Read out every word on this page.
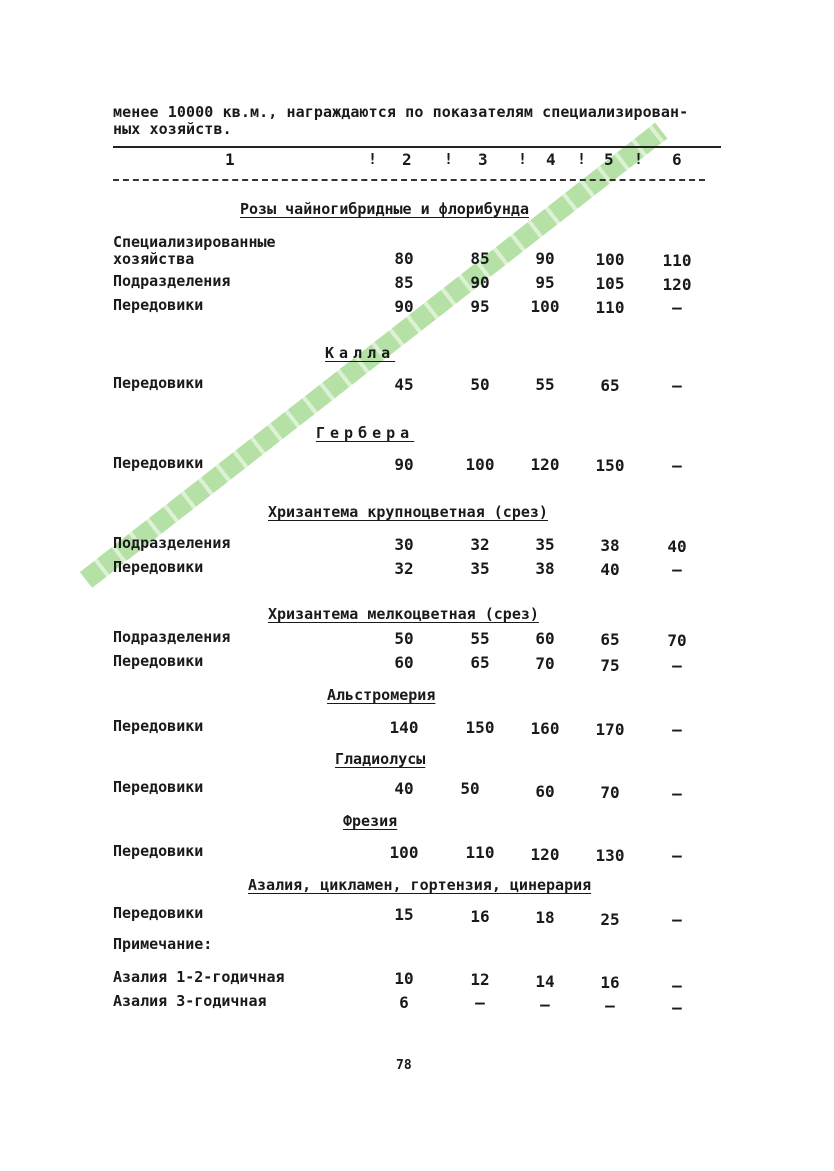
менее 10000 кв.м., награждаются по показателям специализирован-
ных хозяйств.
1	! 2 ! 3 ! 4 ! 5 ! 6
Розы чайногибридные и флорибунда
Специализированные
хозяйства	80	85	90	100	110
Подразделения	85	90	95	105	120
Передовики	90	95	100	110	–
Калла
Передовики	45	50	55	65	–
Гербера
Передовики	90	100	120	150	–
Хризантема крупноцветная (срез)
Подразделения	30	32	35	38	40
Передовики	32	35	38	40	–
Хризантема мелкоцветная (срез)
Подразделения	50	55	60	65	70
Передовики	60	65	70	75	–
Альстромерия
Передовики	140	150	160	170	–
Гладиолусы
Передовики	40	50	60	70	–
Фрезия
Передовики	100	110	120	130	–
Азалия, цикламен, гортензия, цинерария
Передовики	15	16	18	25	–
Примечание:
Азалия 1-2-годичная	10	12	14	16	–
Азалия 3-годичная	6	–	–	–	–
78
